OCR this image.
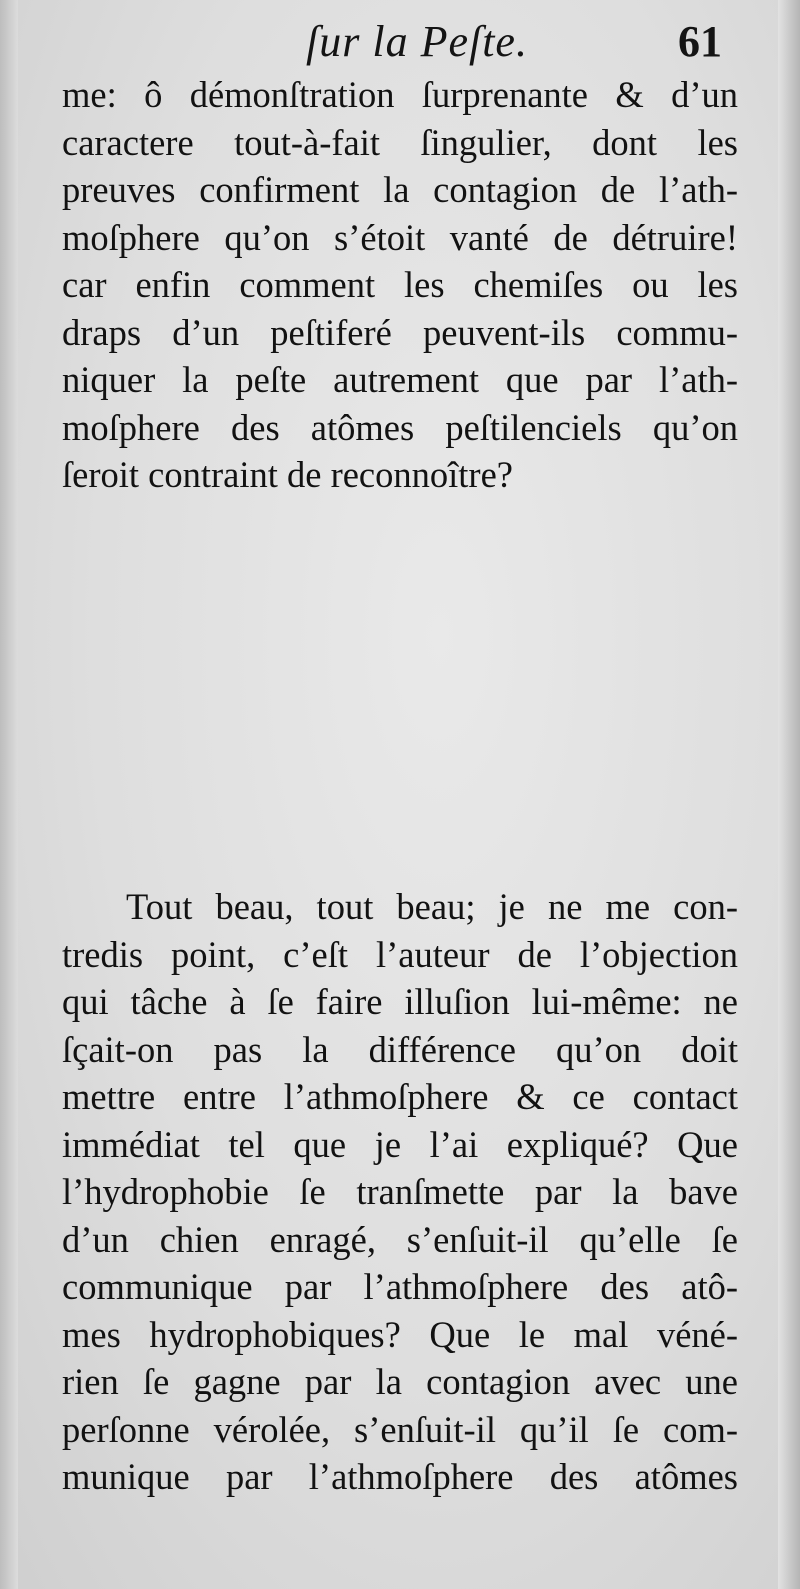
ſur la Peſte.	61
me: ô démonſtration ſurprenante & d’un
caractere tout-à-fait ſingulier, dont les
preuves confirment la contagion de l’ath-
moſphere qu’on s’étoit vanté de détruire!
car enfin comment les chemiſes ou les
draps d’un peſtiferé peuvent-ils commu-
niquer la peſte autrement que par l’ath-
moſphere des atômes peſtilenciels qu’on
ſeroit contraint de reconnoître?
Tout beau, tout beau; je ne me con-
tredis point, c’eſt l’auteur de l’objection
qui tâche à ſe faire illuſion lui-même: ne
ſçait-on pas la différence qu’on doit
mettre entre l’athmoſphere & ce contact
immédiat tel que je l’ai expliqué? Que
l’hydrophobie ſe tranſmette par la bave
d’un chien enragé, s’enſuit-il qu’elle ſe
communique par l’athmoſphere des atô-
mes hydrophobiques? Que le mal véné-
rien ſe gagne par la contagion avec une
perſonne vérolée, s’enſuit-il qu’il ſe com-
munique par l’athmoſphere des atômes
